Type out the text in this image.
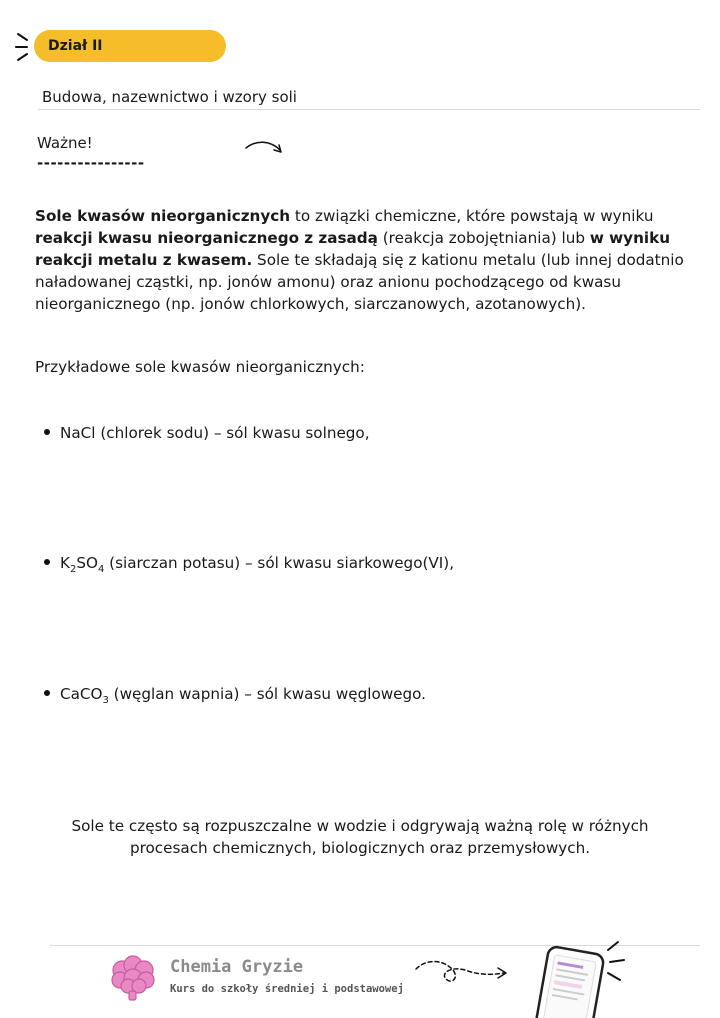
Dział II
Budowa, nazewnictwo i wzory soli
Ważne!
----------------
Sole kwasów nieorganicznych to związki chemiczne, które powstają w wyniku reakcji kwasu nieorganicznego z zasadą (reakcja zobojętniania) lub w wyniku reakcji metalu z kwasem. Sole te składają się z kationu metalu (lub innej dodatnio naładowanej cząstki, np. jonów amonu) oraz anionu pochodzącego od kwasu nieorganicznego (np. jonów chlorkowych, siarczanowych, azotanowych).
Przykładowe sole kwasów nieorganicznych:
NaCl (chlorek sodu) – sól kwasu solnego,
$K_2SO_4$ (siarczan potasu) – sól kwasu siarkowego(VI),
CaCO$_3$ (węglan wapnia) – sól kwasu węglowego.
Sole te często są rozpuszczalne w wodzie i odgrywają ważną rolę w różnych procesach chemicznych, biologicznych oraz przemysłowych.
Chemia Gryzie
Kurs do szkoły średniej i podstawowej
